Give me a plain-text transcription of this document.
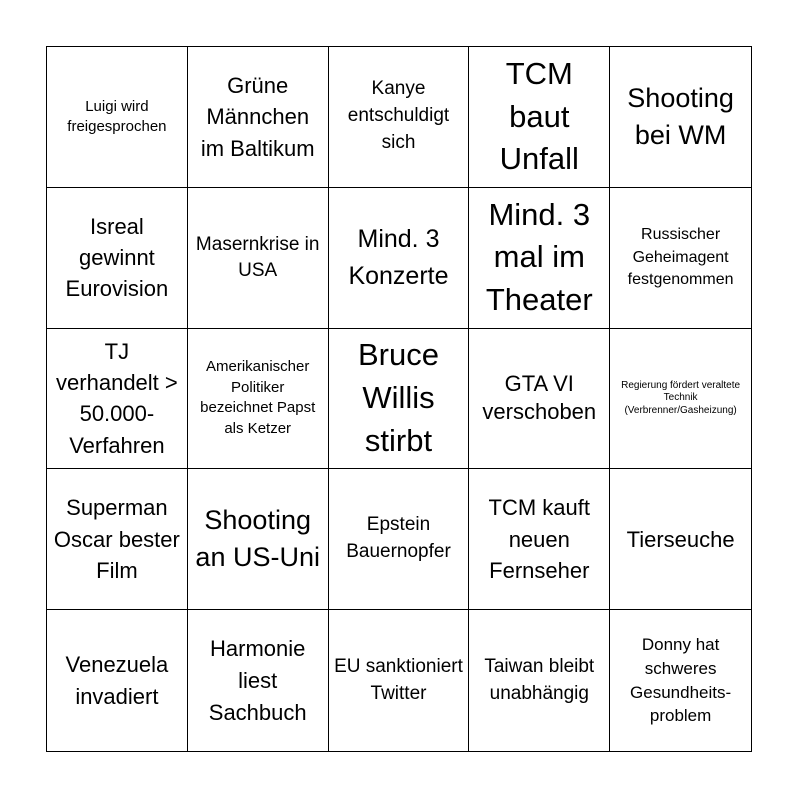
Luigi wird freigesprochen
Grüne Männchen im Baltikum
Kanye entschuldigt sich
TCM baut Unfall
Shooting bei WM
Isreal gewinnt Eurovision
Masernkrise in USA
Mind. 3 Konzerte
Mind. 3 mal im Theater
Russischer Geheimagent festgenommen
TJ verhandelt > 50.000-Verfahren
Amerikanischer Politiker bezeichnet Papst als Ketzer
Bruce Willis stirbt
GTA VI verschoben
Regierung fördert veraltete Technik (Verbrenner/Gasheizung)
Superman Oscar bester Film
Shooting an US-Uni
Epstein Bauernopfer
TCM kauft neuen Fernseher
Tierseuche
Venezuela invadiert
Harmonie liest Sachbuch
EU sanktioniert Twitter
Taiwan bleibt unabhängig
Donny hat schweres Gesundheits-problem
